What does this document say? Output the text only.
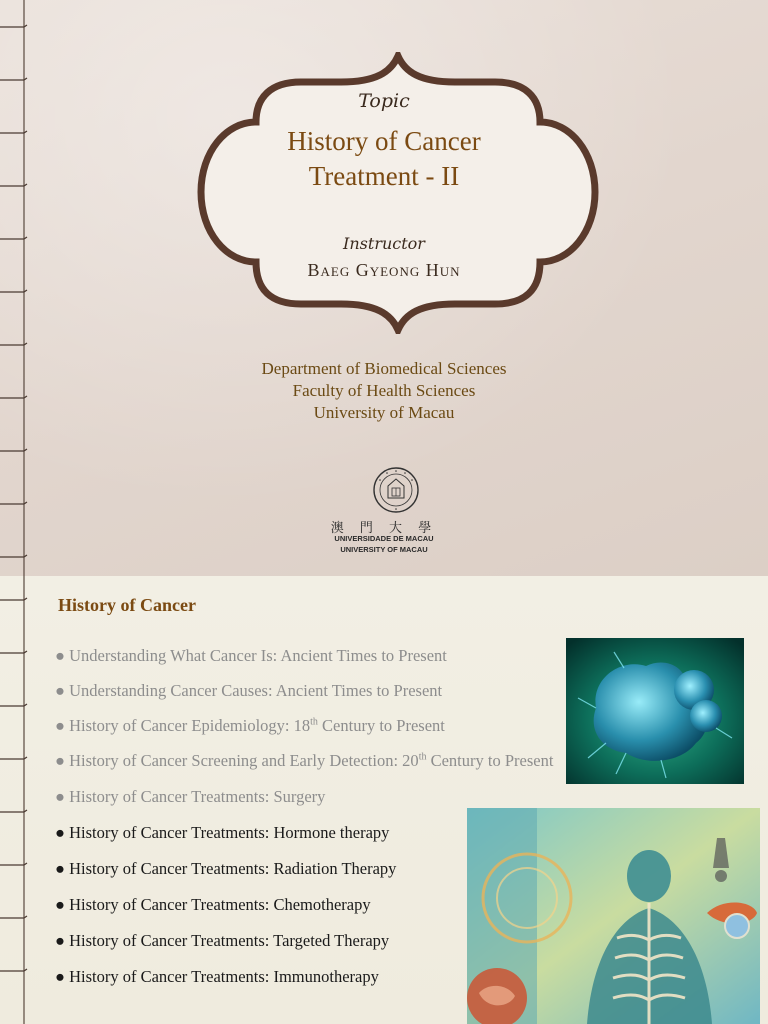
Topic
History of Cancer
Treatment - II
Instructor
Baeg Gyeong Hun
Department of Biomedical Sciences
Faculty of Health Sciences
University of Macau
澳 門 大 學
UNIVERSIDADE DE MACAU
UNIVERSITY OF MACAU
History of Cancer
● Understanding What Cancer Is: Ancient Times to Present
● Understanding Cancer Causes: Ancient Times to Present
● History of Cancer Epidemiology: 18th Century to Present
● History of Cancer Screening and Early Detection: 20th Century to Present
● History of Cancer Treatments: Surgery
● History of Cancer Treatments: Hormone therapy
● History of Cancer Treatments: Radiation Therapy
● History of Cancer Treatments: Chemotherapy
● History of Cancer Treatments: Targeted Therapy
● History of Cancer Treatments: Immunotherapy
